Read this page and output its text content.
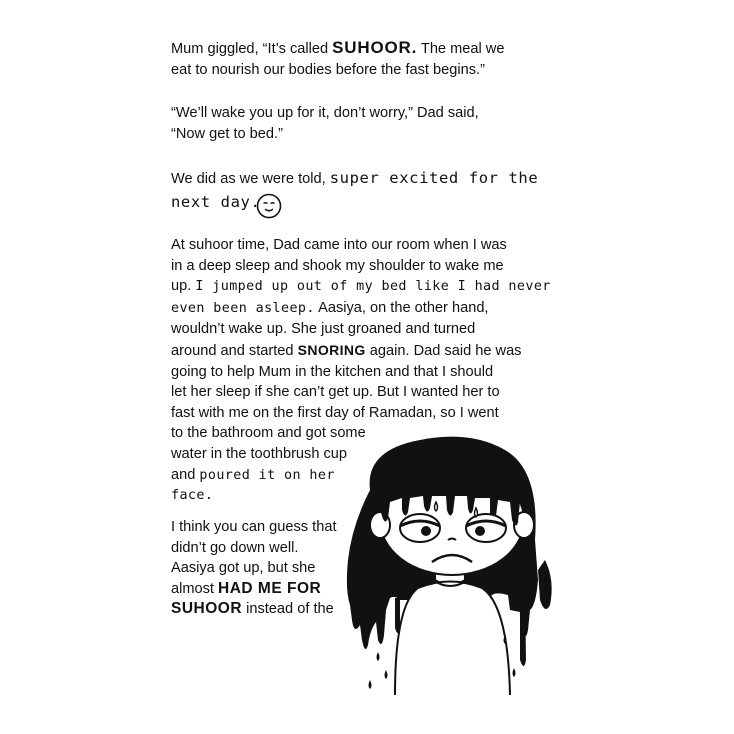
Mum giggled, “It’s called SUHOOR. The meal we
eat to nourish our bodies before the fast begins.”

“We’ll wake you up for it, don’t worry,” Dad said,
“Now get to bed.”

We did as we were told, super excited for the
next day.

At suhoor time, Dad came into our room when I was
in a deep sleep and shook my shoulder to wake me
up. I jumped up out of my bed like I had never
even been asleep. Aasiya, on the other hand,
wouldn’t wake up. She just groaned and turned
around and started SNORING again. Dad said he was
going to help Mum in the kitchen and that I should
let her sleep if she can’t get up. But I wanted her to
fast with me on the first day of Ramadan, so I went
to the bathroom and got some
water in the toothbrush cup
and poured it on her
face.

I think you can guess that
didn’t go down well.
Aasiya got up, but she
almost HAD ME FOR
SUHOOR instead of the
